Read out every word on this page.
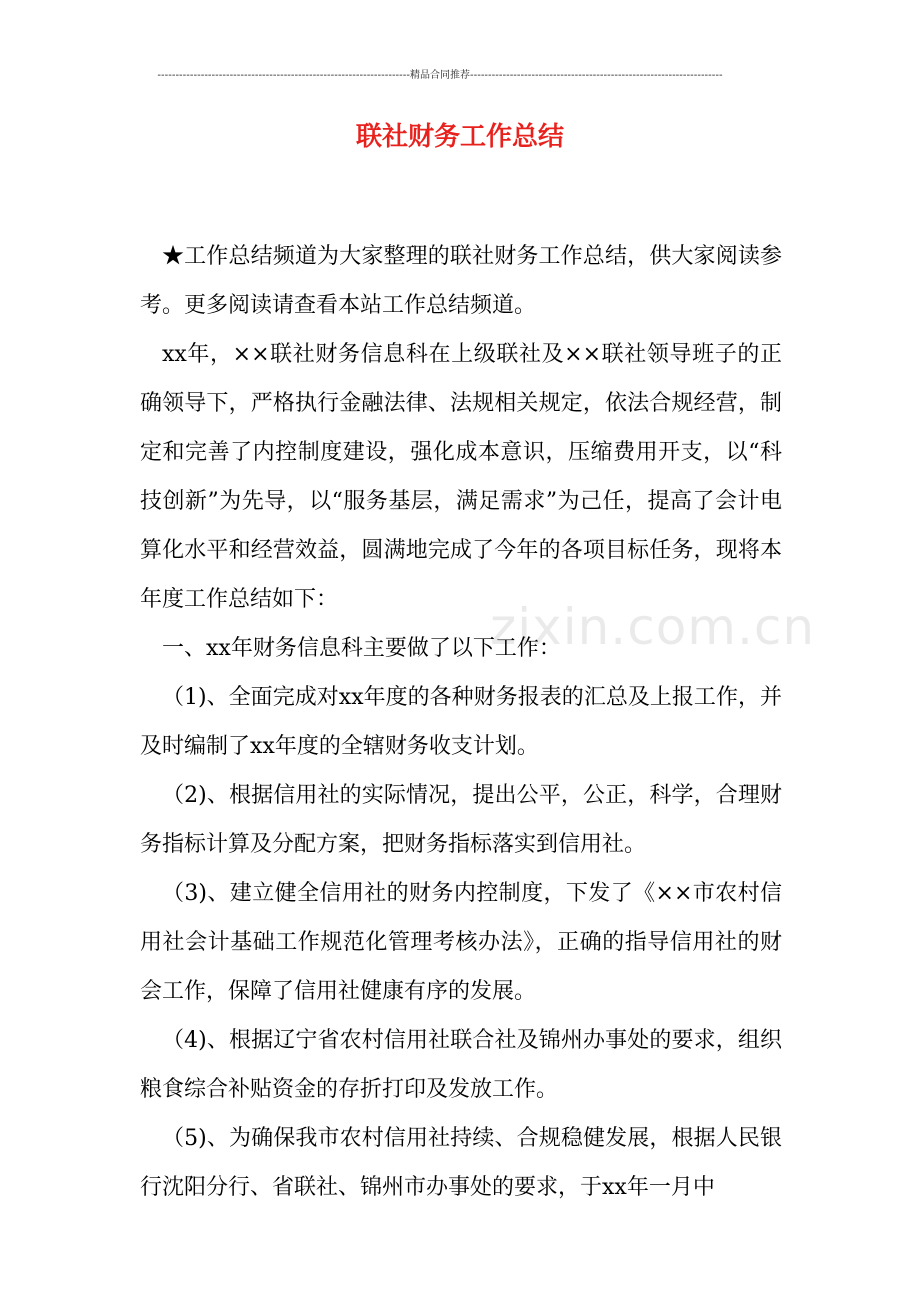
----------------------------------------------------------------------精品合同推荐----------------------------------------------------------------------
联社财务工作总结

★工作总结频道为大家整理的联社财务工作总结，供大家阅读参考。更多阅读请查看本站工作总结频道。

xx年，××联社财务信息科在上级联社及××联社领导班子的正确领导下，严格执行金融法律、法规相关规定，依法合规经营，制定和完善了内控制度建设，强化成本意识，压缩费用开支，以“科技创新”为先导，以“服务基层，满足需求”为己任，提高了会计电算化水平和经营效益，圆满地完成了今年的各项目标任务，现将本年度工作总结如下：

一、xx年财务信息科主要做了以下工作：

（1)、全面完成对xx年度的各种财务报表的汇总及上报工作，并及时编制了xx年度的全辖财务收支计划。

（2)、根据信用社的实际情况，提出公平，公正，科学，合理财务指标计算及分配方案，把财务指标落实到信用社。

（3)、建立健全信用社的财务内控制度，下发了《××市农村信用社会计基础工作规范化管理考核办法》，正确的指导信用社的财会工作，保障了信用社健康有序的发展。

（4)、根据辽宁省农村信用社联合社及锦州办事处的要求，组织粮食综合补贴资金的存折打印及发放工作。

（5)、为确保我市农村信用社持续、合规稳健发展，根据人民银行沈阳分行、省联社、锦州市办事处的要求，于xx年一月中

zixin.com.cn
